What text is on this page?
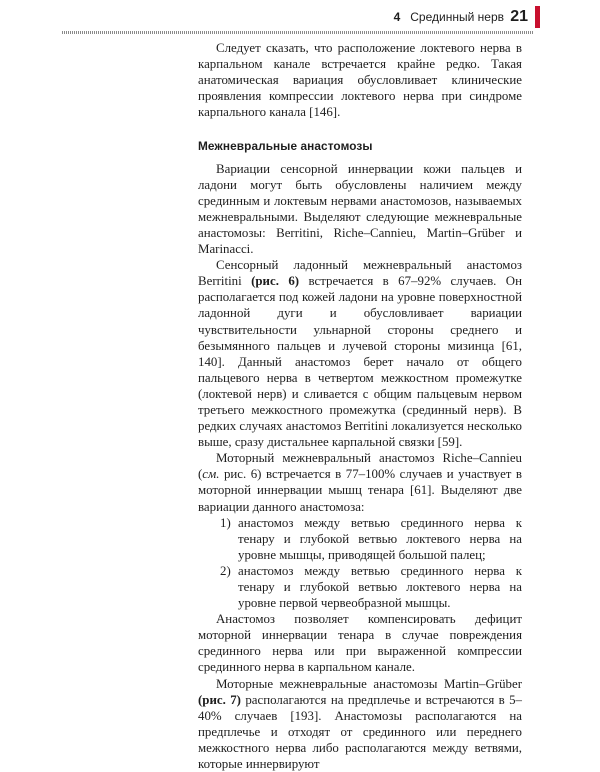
4 Срединный нерв 21

Следует сказать, что расположение локтевого нерва в карпальном канале встречается крайне редко. Такая анатомическая вариация обусловливает клинические проявления компрессии локтевого нерва при синдроме карпального канала [146].

Межневральные анастомозы

Вариации сенсорной иннервации кожи пальцев и ладони могут быть обусловлены наличием между срединным и локтевым нервами анастомозов, называемых межневральными. Выделяют следующие межневральные анастомозы: Berritini, Riche–Cannieu, Martin–Grüber и Marinacci.

Сенсорный ладонный межневральный анастомоз Berritini (рис. 6) встречается в 67–92% случаев. Он располагается под кожей ладони на уровне поверхностной ладонной дуги и обусловливает вариации чувствительности ульнарной стороны среднего и безымянного пальцев и лучевой стороны мизинца [61, 140]. Данный анастомоз берет начало от общего пальцевого нерва в четвертом межкостном промежутке (локтевой нерв) и сливается с общим пальцевым нервом третьего межкостного промежутка (срединный нерв). В редких случаях анастомоз Berritini локализуется несколько выше, сразу дистальнее карпальной связки [59].

Моторный межневральный анастомоз Riche–Cannieu (см. рис. 6) встречается в 77–100% случаев и участвует в моторной иннервации мышц тенара [61]. Выделяют две вариации данного анастомоза:

1) анастомоз между ветвью срединного нерва к тенару и глубокой ветвью локтевого нерва на уровне мышцы, приводящей большой палец;
2) анастомоз между ветвью срединного нерва к тенару и глубокой ветвью локтевого нерва на уровне первой червеобразной мышцы.

Анастомоз позволяет компенсировать дефицит моторной иннервации тенара в случае повреждения срединного нерва или при выраженной компрессии срединного нерва в карпальном канале.

Моторные межневральные анастомозы Martin–Grüber (рис. 7) располагаются на предплечье и встречаются в 5–40% случаев [193]. Анастомозы располагаются на предплечье и отходят от срединного или переднего межкостного нерва либо располагаются между ветвями, которые иннервируют
